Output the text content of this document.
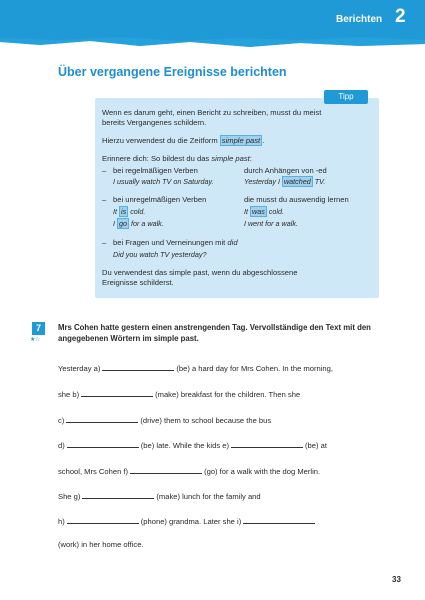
Berichten 2
Über vergangene Ereignisse berichten
Tipp
Wenn es darum geht, einen Bericht zu schreiben, musst du meist
bereits Vergangenes schildern.
Hierzu verwendest du die Zeitform simple past .
Erinnere dich: So bildest du das simple past:
– bei regelmäßigen Verben	durch Anhängen von -ed
I usually watch TV on Saturday.	Yesterday I watched TV.
– bei unregelmäßigen Verben	die musst du auswendig lernen
It is cold.	It was cold.
I go for a walk.	I went for a walk.
– bei Fragen und Verneinungen mit did
Did you watch TV yesterday?
Du verwendest das simple past, wenn du abgeschlossene
Ereignisse schilderst.
7
★☆
Mrs Cohen hatte gestern einen anstrengenden Tag. Vervollständige den Text mit den angegebenen Wörtern im simple past.
Yesterday a)	(be) a hard day for Mrs Cohen. In the morning,
she b)	(make) breakfast for the children. Then she
c)	(drive) them to school because the bus
d)	(be) late. While the kids e)	(be) at
school, Mrs Cohen f)	(go) for a walk with the dog Merlin.
She g)	(make) lunch for the family and
h)	(phone) grandma. Later she i)
(work) in her home office.
33
